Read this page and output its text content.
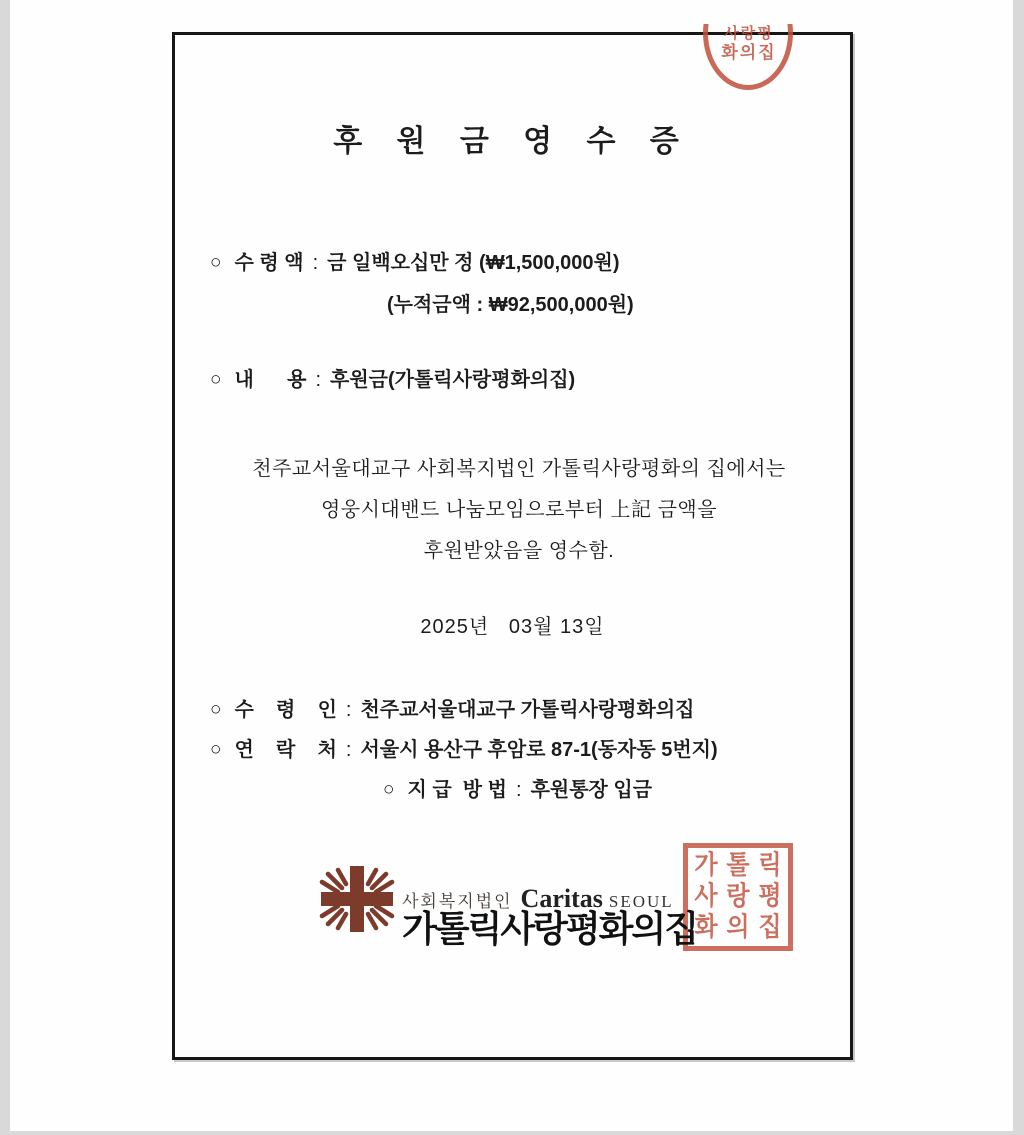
사랑평
화의집
후 원 금 영 수 증
○ 수 령 액 : 금 일백오십만 정 (₩1,500,000원)
(누적금액 : ₩92,500,000원)
○ 내      용 : 후원금(가톨릭사랑평화의집)
천주교서울대교구 사회복지법인 가톨릭사랑평화의 집에서는
영웅시대밴드 나눔모임으로부터 上記 금액을
후원받았음을 영수함.
2025년   03월 13일
○ 수    령    인 : 천주교서울대교구 가톨릭사랑평화의집
○ 연    락    처 : 서울시 용산구 후암로 87-1(동자동 5번지)
○ 지 급  방 법 : 후원통장 입금
사회복지법인 Caritas SEOUL
가톨릭사랑평화의집
가 톨 릭
사 랑 평
화 의 집
